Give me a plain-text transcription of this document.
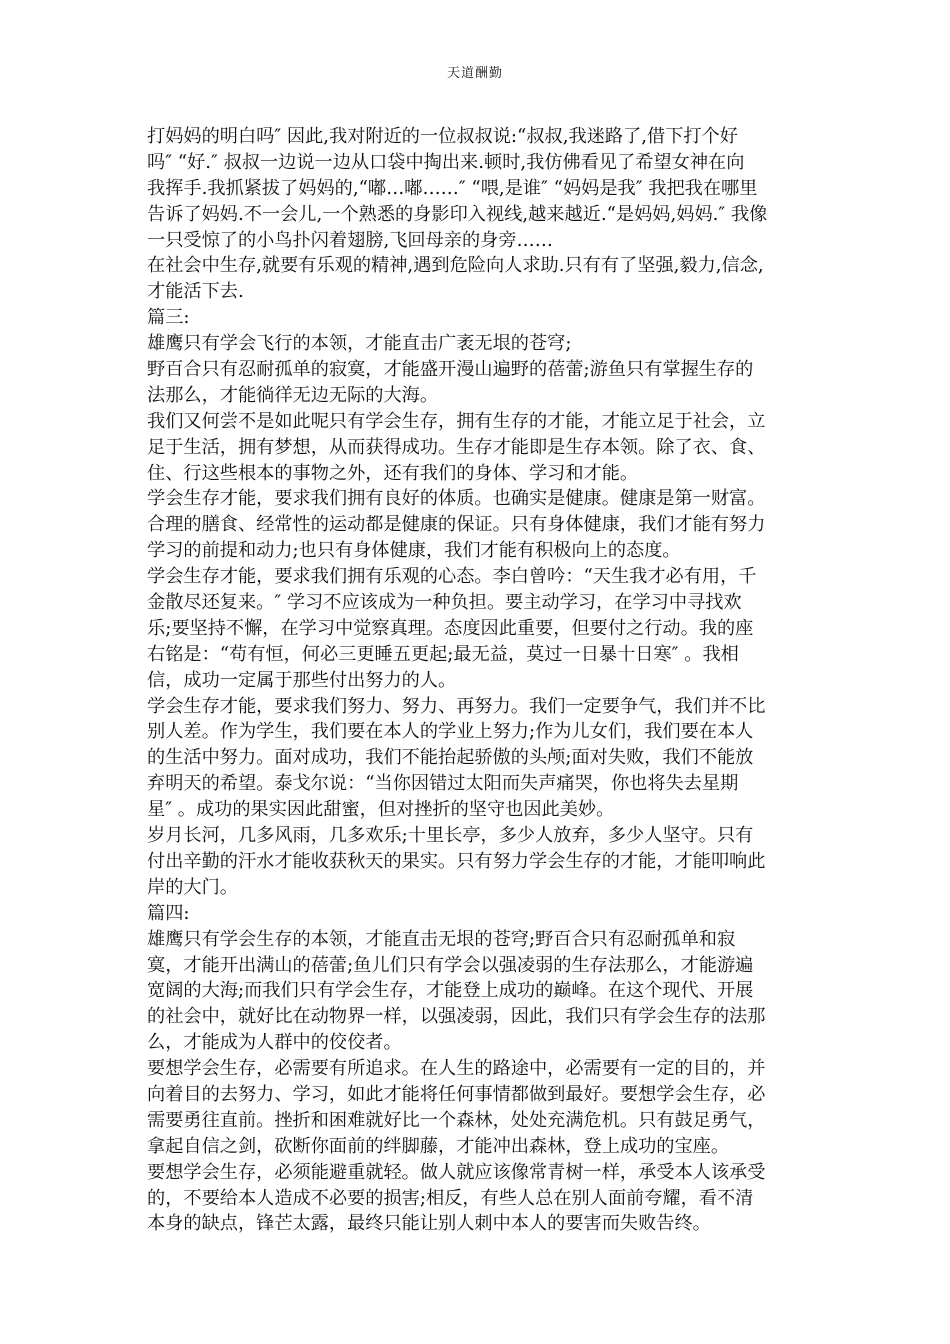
天道酬勤
打妈妈的明白吗″ 因此,我对附近的一位叔叔说:“叔叔,我迷路了,借下打个好
吗″ “好.″ 叔叔一边说一边从口袋中掏出来.顿时,我仿佛看见了希望女神在向
我挥手.我抓紧拔了妈妈的,“嘟…嘟……″ “喂,是谁″ “妈妈是我″ 我把我在哪里
告诉了妈妈.不一会儿,一个熟悉的身影印入视线,越来越近.“是妈妈,妈妈.″ 我像
一只受惊了的小鸟扑闪着翅膀,飞回母亲的身旁……
在社会中生存,就要有乐观的精神,遇到危险向人求助.只有有了坚强,毅力,信念,
才能活下去.
篇三:
雄鹰只有学会飞行的本领，才能直击广袤无垠的苍穹;
野百合只有忍耐孤单的寂寞，才能盛开漫山遍野的蓓蕾;游鱼只有掌握生存的
法那么，才能徜徉无边无际的大海。
我们又何尝不是如此呢只有学会生存，拥有生存的才能，才能立足于社会，立
足于生活，拥有梦想，从而获得成功。生存才能即是生存本领。除了衣、食、
住、行这些根本的事物之外，还有我们的身体、学习和才能。
学会生存才能，要求我们拥有良好的体质。也确实是健康。健康是第一财富。
合理的膳食、经常性的运动都是健康的保证。只有身体健康，我们才能有努力
学习的前提和动力;也只有身体健康，我们才能有积极向上的态度。
学会生存才能，要求我们拥有乐观的心态。李白曾吟：“天生我才必有用，千
金散尽还复来。″ 学习不应该成为一种负担。要主动学习，在学习中寻找欢
乐;要坚持不懈，在学习中觉察真理。态度因此重要，但要付之行动。我的座
右铭是：“苟有恒，何必三更睡五更起;最无益，莫过一日暴十日寒″ 。我相
信，成功一定属于那些付出努力的人。
学会生存才能，要求我们努力、努力、再努力。我们一定要争气，我们并不比
别人差。作为学生，我们要在本人的学业上努力;作为儿女们，我们要在本人
的生活中努力。面对成功，我们不能抬起骄傲的头颅;面对失败，我们不能放
弃明天的希望。泰戈尔说：“当你因错过太阳而失声痛哭，你也将失去星期
星″ 。成功的果实因此甜蜜，但对挫折的坚守也因此美妙。
岁月长河，几多风雨，几多欢乐;十里长亭，多少人放弃，多少人坚守。只有
付出辛勤的汗水才能收获秋天的果实。只有努力学会生存的才能，才能叩响此
岸的大门。
篇四:
雄鹰只有学会生存的本领，才能直击无垠的苍穹;野百合只有忍耐孤单和寂
寞，才能开出满山的蓓蕾;鱼儿们只有学会以强凌弱的生存法那么，才能游遍
宽阔的大海;而我们只有学会生存，才能登上成功的巅峰。在这个现代、开展
的社会中，就好比在动物界一样，以强凌弱，因此，我们只有学会生存的法那
么，才能成为人群中的佼佼者。
要想学会生存，必需要有所追求。在人生的路途中，必需要有一定的目的，并
向着目的去努力、学习，如此才能将任何事情都做到最好。要想学会生存，必
需要勇往直前。挫折和困难就好比一个森林，处处充满危机。只有鼓足勇气，
拿起自信之剑，砍断你面前的绊脚藤，才能冲出森林，登上成功的宝座。
要想学会生存，必须能避重就轻。做人就应该像常青树一样，承受本人该承受
的，不要给本人造成不必要的损害;相反，有些人总在别人面前夸耀，看不清
本身的缺点，锋芒太露，最终只能让别人刺中本人的要害而失败告终。
